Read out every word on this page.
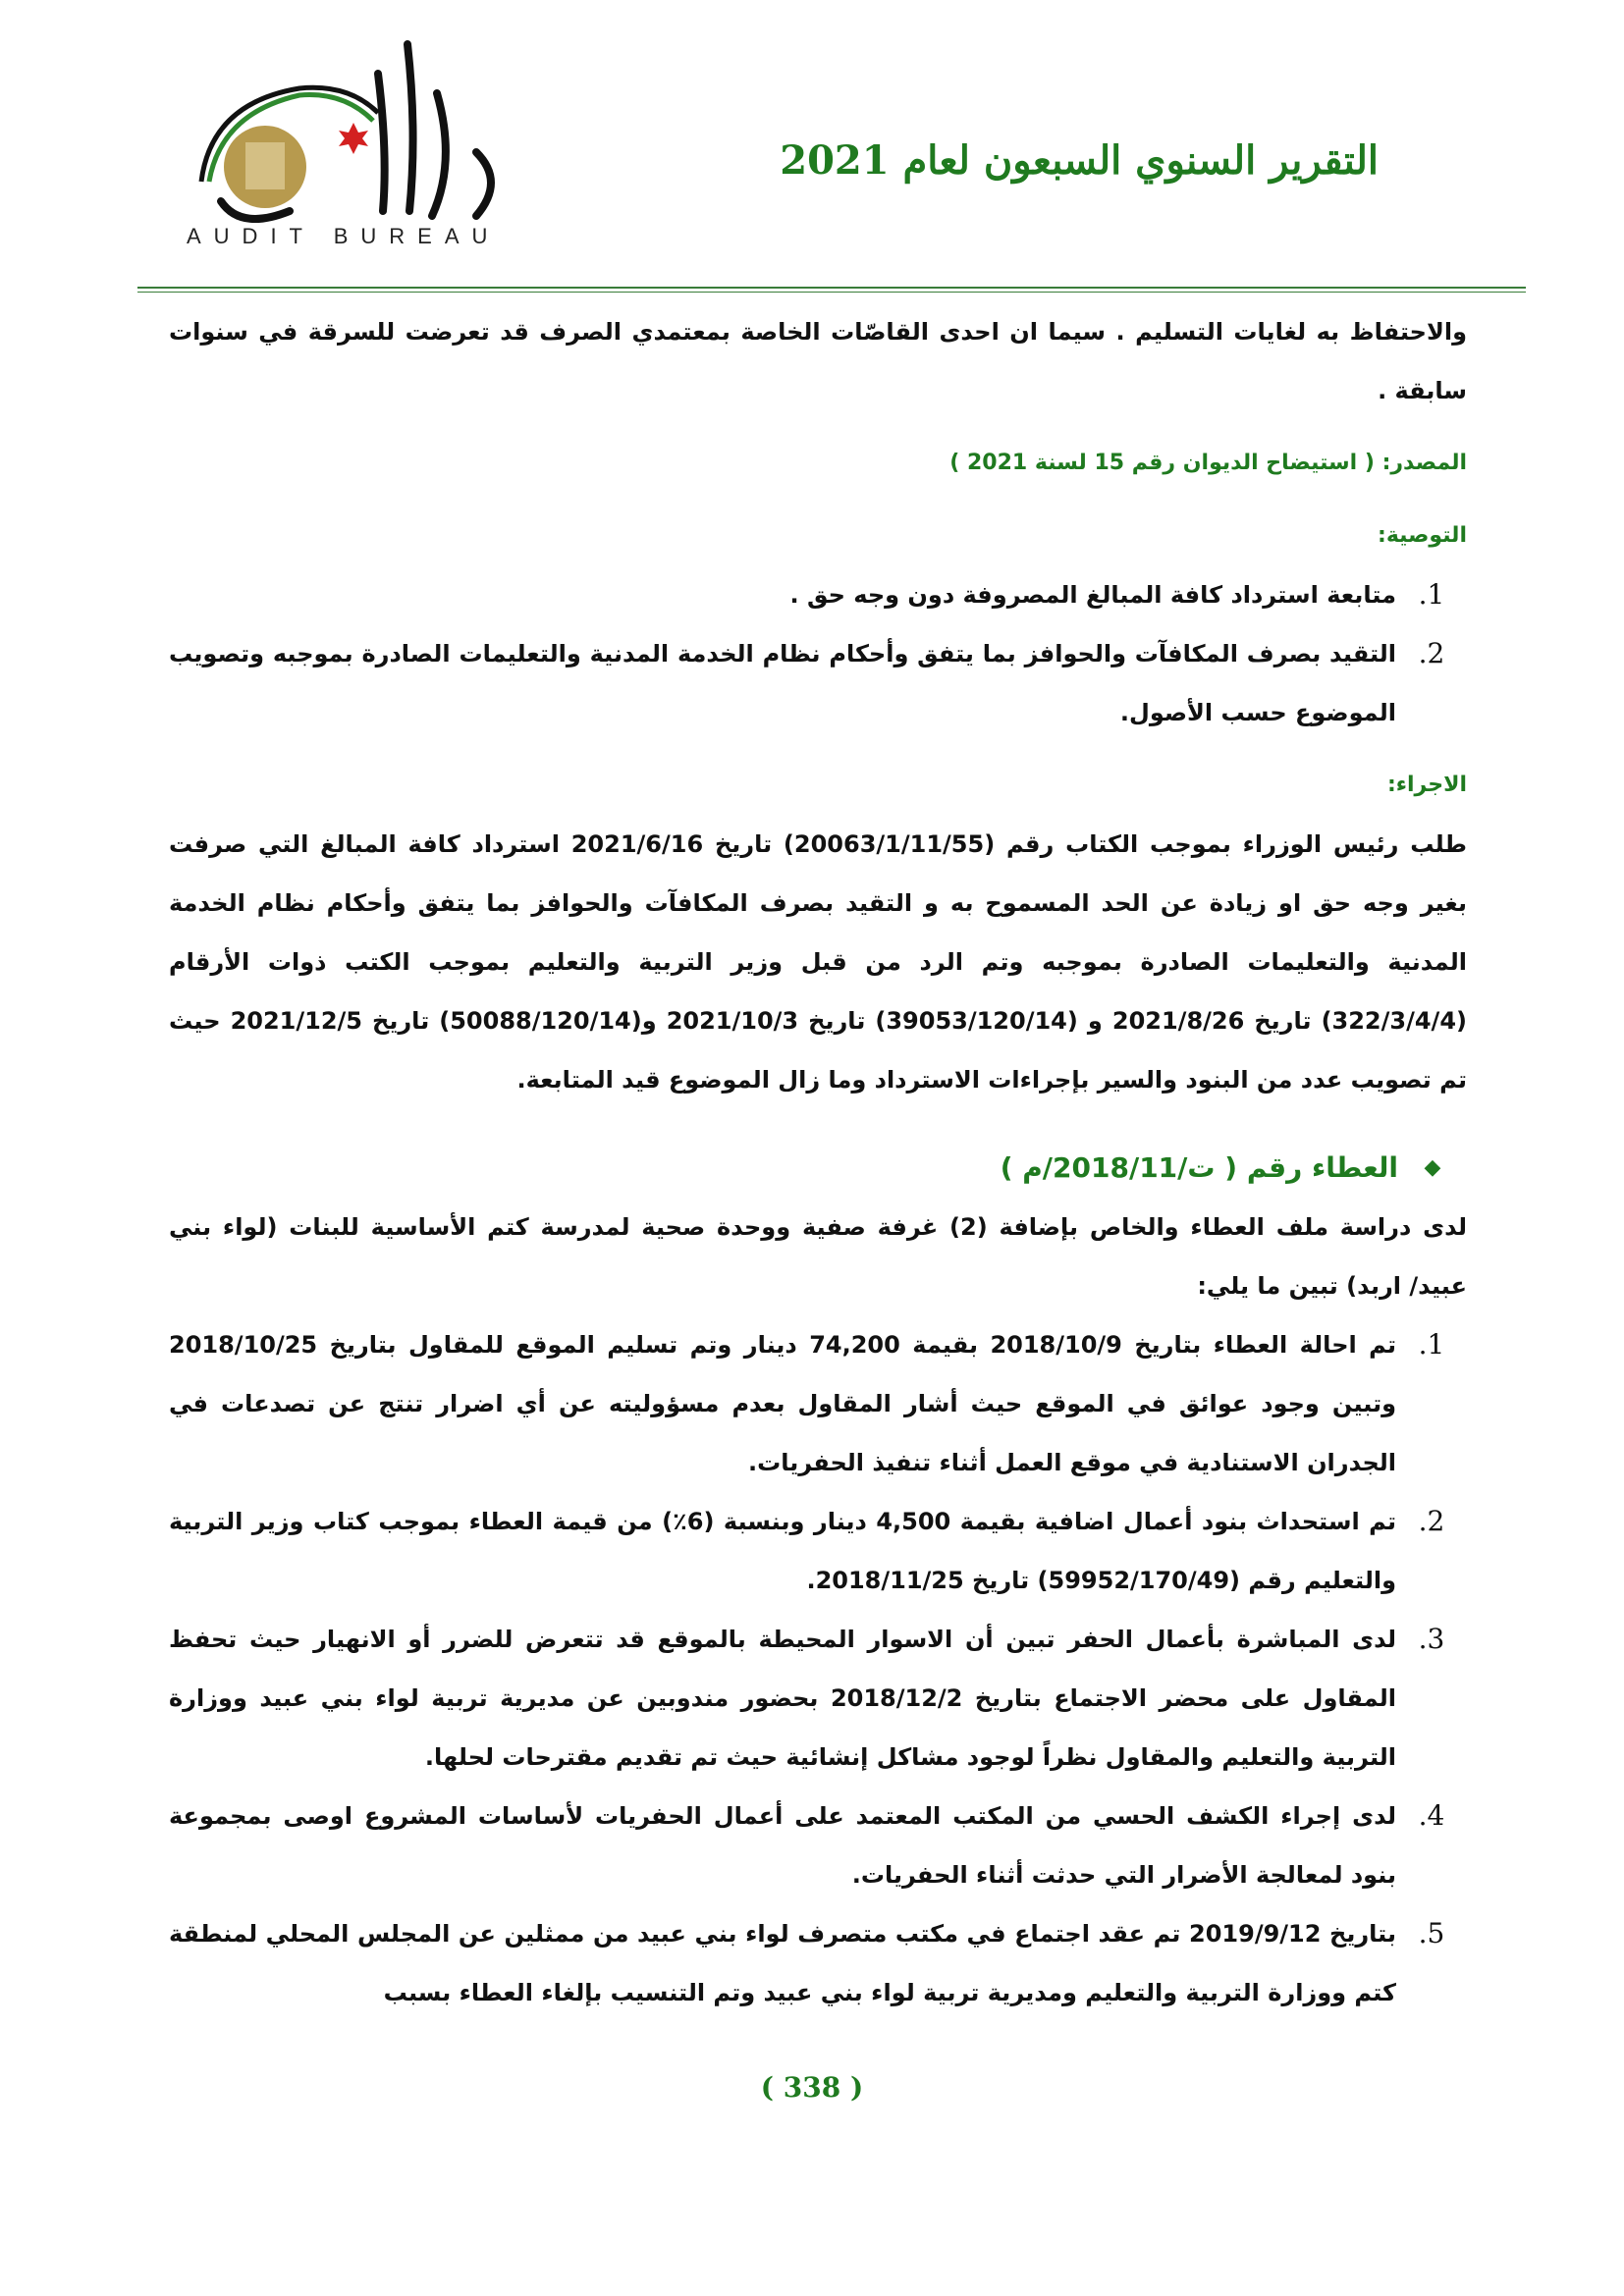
AUDIT BUREAU
التقرير السنوي السبعون لعام 2021

والاحتفاظ به لغايات التسليم . سيما ان احدى القاصّات الخاصة بمعتمدي الصرف قد تعرضت للسرقة في سنوات سابقة .

المصدر: ( استيضاح الديوان رقم 15 لسنة 2021 )

التوصية:

1.
متابعة استرداد كافة المبالغ المصروفة دون وجه حق .
2.
التقيد بصرف المكافآت والحوافز بما يتفق وأحكام نظام الخدمة المدنية والتعليمات الصادرة بموجبه وتصويب الموضوع حسب الأصول.

الاجراء:

طلب رئيس الوزراء بموجب الكتاب رقم (20063/1/11/55) تاريخ 2021/6/16 استرداد كافة المبالغ التي صرفت بغير وجه حق او زيادة عن الحد المسموح به و التقيد بصرف المكافآت والحوافز بما يتفق وأحكام نظام الخدمة المدنية والتعليمات الصادرة بموجبه وتم الرد من قبل وزير التربية والتعليم بموجب الكتب ذوات الأرقام (322/3/4/4) تاريخ 2021/8/26 و (39053/120/14) تاريخ 2021/10/3 و(50088/120/14) تاريخ 2021/12/5 حيث تم تصويب عدد من البنود والسير بإجراءات الاسترداد وما زال الموضوع قيد المتابعة.

◆
العطاء رقم ( ت/2018/11/م )

لدى دراسة ملف العطاء والخاص بإضافة (2) غرفة صفية ووحدة صحية لمدرسة كتم الأساسية للبنات (لواء بني عبيد/ اربد) تبين ما يلي:

1.
تم احالة العطاء بتاريخ 2018/10/9 بقيمة 74,200 دينار وتم تسليم الموقع للمقاول بتاريخ 2018/10/25 وتبين وجود عوائق في الموقع حيث أشار المقاول بعدم مسؤوليته عن أي اضرار تنتج عن تصدعات في الجدران الاستنادية في موقع العمل أثناء تنفيذ الحفريات.
2.
تم استحداث بنود أعمال اضافية بقيمة 4,500 دينار وبنسبة (6٪) من قيمة العطاء بموجب كتاب وزير التربية والتعليم رقم (59952/170/49) تاريخ 2018/11/25.
3.
لدى المباشرة بأعمال الحفر تبين أن الاسوار المحيطة بالموقع قد تتعرض للضرر أو الانهيار حيث تحفظ المقاول على محضر الاجتماع بتاريخ 2018/12/2 بحضور مندوبين عن مديرية تربية لواء بني عبيد ووزارة التربية والتعليم والمقاول نظراً لوجود مشاكل إنشائية حيث تم تقديم مقترحات لحلها.
4.
لدى إجراء الكشف الحسي من المكتب المعتمد على أعمال الحفريات لأساسات المشروع اوصى بمجموعة بنود لمعالجة الأضرار التي حدثت أثناء الحفريات.
5.
بتاريخ 2019/9/12 تم عقد اجتماع في مكتب متصرف لواء بني عبيد من ممثلين عن المجلس المحلي لمنطقة كتم ووزارة التربية والتعليم ومديرية تربية لواء بني عبيد وتم التنسيب بإلغاء العطاء بسبب
( 338 )
